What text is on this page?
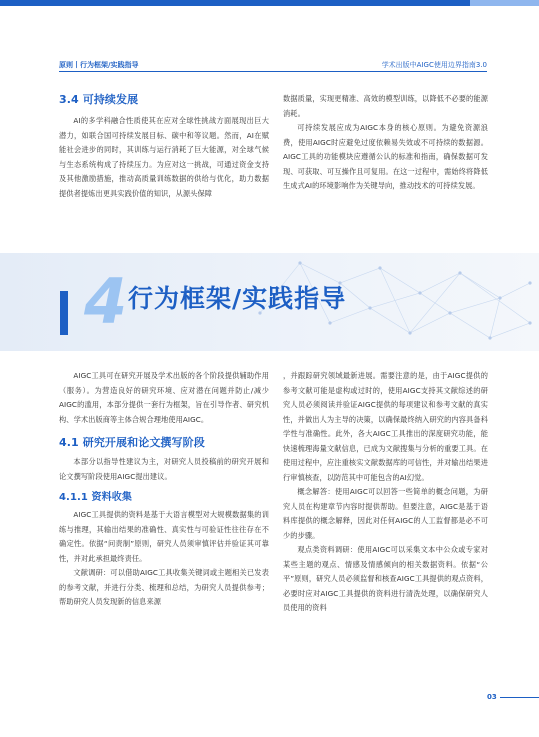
原则丨行为框架/实践指导	学术出版中AIGC使用边界指南3.0
3.4 可持续发展

AI的多学科融合性质使其在应对全球性挑战方面展现出巨大潜力，如联合国可持续发展目标、碳中和等议题。然而，AI在赋能社会进步的同时，其训练与运行消耗了巨大能源，对全球气候与生态系统构成了持续压力。为应对这一挑战，可通过资金支持及其他激励措施，推动高质量训练数据的供给与优化，助力数据提供者提炼出更具实践价值的知识，从源头保障

数据质量，实现更精准、高效的模型训练，以降低不必要的能源消耗。

可持续发展应成为AIGC本身的核心原则。为避免资源浪费，使用AIGC时应避免过度依赖易失效或不可持续的数据源。AIGC工具的功能模块应遵循公认的标准和指南，确保数据可发现、可获取、可互操作且可复用。在这一过程中，需始终将降低生成式AI的环境影响作为关键导向，推动技术的可持续发展。

4 行为框架/实践指导

AIGC工具可在研究开展及学术出版的各个阶段提供辅助作用（服务）。为营造良好的研究环境、应对潜在问题并防止/减少AIGC的滥用，本部分提供一套行为框架，旨在引导作者、研究机构、学术出版商等主体合规合理地使用AIGC。

4.1 研究开展和论文撰写阶段

本部分以指导性建议为主，对研究人员投稿前的研究开展和论文撰写阶段使用AIGC提出建议。

4.1.1 资料收集

AIGC工具提供的资料是基于大语言模型对大规模数据集的训练与推理，其输出结果的准确性、真实性与可验证性往往存在不确定性。依据“问责制”原则，研究人员须审慎评估并验证其可靠性，并对此承担最终责任。

文献调研：可以借助AIGC工具收集关键词或主题相关已发表的参考文献，并进行分类、梳理和总结，为研究人员提供参考；帮助研究人员发现新的信息来源

，并跟踪研究领域最新进展。需要注意的是，由于AIGC提供的参考文献可能是虚构或过时的，使用AIGC支持其文献综述的研究人员必须阅读并验证AIGC提供的每项建议和参考文献的真实性，并做出人为主导的决策，以确保最终纳入研究的内容具备科学性与准确性。此外，各大AIGC工具推出的深度研究功能，能快速梳理海量文献信息，已成为文献搜集与分析的重要工具。在使用过程中，应注重核实文献数据库的可信性，并对输出结果进行审慎核查，以防范其中可能包含的AI幻觉。

概念解答：使用AIGC可以回答一些简单的概念问题，为研究人员在构建章节内容时提供帮助。但要注意，AIGC是基于语料库提供的概念解释，因此对任何AIGC的人工监督都是必不可少的步骤。

观点类资料调研：使用AIGC可以采集文本中公众或专家对某些主题的观点、情感及情感倾向的相关数据资料。依据“公平”原则，研究人员必须监督和核查AIGC工具提供的观点资料，必要时应对AIGC工具提供的资料进行清洗处理，以确保研究人员使用的资料

03
